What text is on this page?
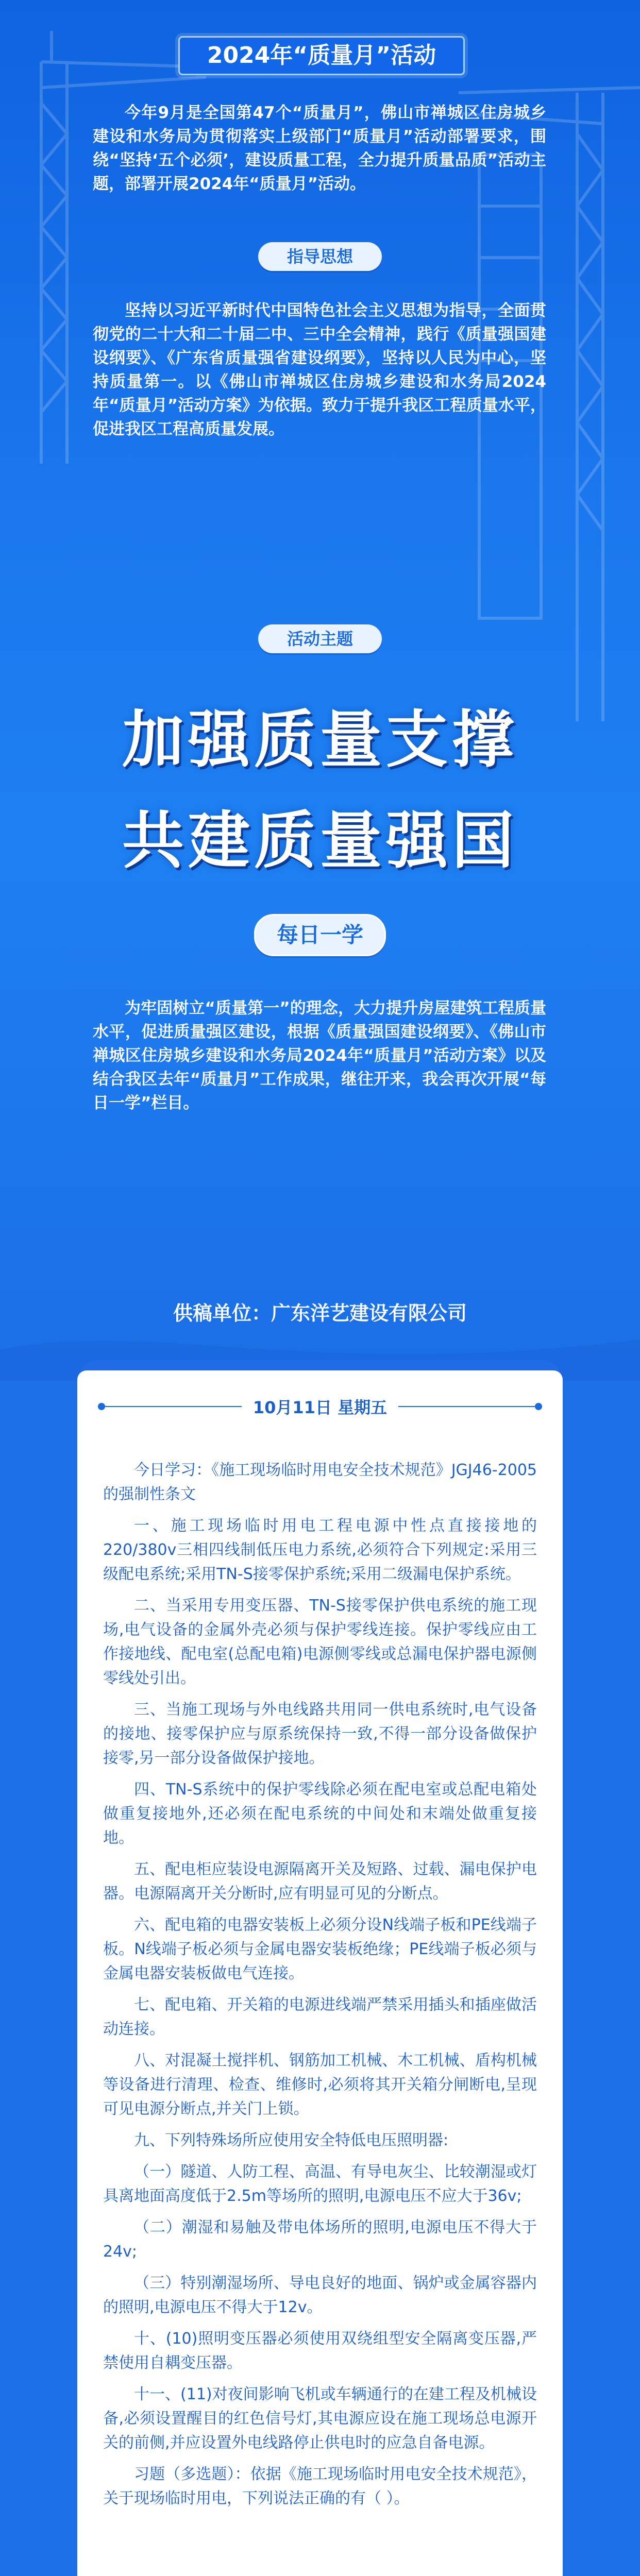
2024年“质量月”活动
今年9月是全国第47个“质量月”，佛山市禅城区住房城乡建设和水务局为贯彻落实上级部门“质量月”活动部署要求，围绕“坚持‘五个必须’，建设质量工程，全力提升质量品质”活动主题，部署开展2024年“质量月”活动。
指导思想
坚持以习近平新时代中国特色社会主义思想为指导，全面贯彻党的二十大和二十届二中、三中全会精神，践行《质量强国建设纲要》、《广东省质量强省建设纲要》，坚持以人民为中心，坚持质量第一。以《佛山市禅城区住房城乡建设和水务局2024年“质量月”活动方案》为依据。致力于提升我区工程质量水平，促进我区工程高质量发展。
活动主题
加强质量支撑
共建质量强国
每日一学
为牢固树立“质量第一”的理念，大力提升房屋建筑工程质量水平，促进质量强区建设，根据《质量强国建设纲要》、《佛山市禅城区住房城乡建设和水务局2024年“质量月”活动方案》以及结合我区去年“质量月”工作成果，继往开来，我会再次开展“每日一学”栏目。
供稿单位：广东洋艺建设有限公司
10月11日 星期五

今日学习：《施工现场临时用电安全技术规范》JGJ46-2005的强制性条文

一、施工现场临时用电工程电源中性点直接接地的220/380v三相四线制低压电力系统,必须符合下列规定:采用三级配电系统;采用TN-S接零保护系统;采用二级漏电保护系统。

二、当采用专用变压器、TN-S接零保护供电系统的施工现场,电气设备的金属外壳必须与保护零线连接。保护零线应由工作接地线、配电室(总配电箱)电源侧零线或总漏电保护器电源侧零线处引出。

三、当施工现场与外电线路共用同一供电系统时,电气设备的接地、接零保护应与原系统保持一致,不得一部分设备做保护接零,另一部分设备做保护接地。

四、TN-S系统中的保护零线除必须在配电室或总配电箱处做重复接地外,还必须在配电系统的中间处和末端处做重复接地。

五、配电柜应装设电源隔离开关及短路、过载、漏电保护电器。电源隔离开关分断时,应有明显可见的分断点。

六、配电箱的电器安装板上必须分设N线端子板和PE线端子板。N线端子板必须与金属电器安装板绝缘；PE线端子板必须与金属电器安装板做电气连接。

七、配电箱、开关箱的电源进线端严禁采用插头和插座做活动连接。

八、对混凝土搅拌机、钢筋加工机械、木工机械、盾构机械等设备进行清理、检查、维修时,必须将其开关箱分闸断电,呈现可见电源分断点,并关门上锁。

九、下列特殊场所应使用安全特低电压照明器:

（一）隧道、人防工程、高温、有导电灰尘、比较潮湿或灯具离地面高度低于2.5m等场所的照明,电源电压不应大于36v;

（二）潮湿和易触及带电体场所的照明,电源电压不得大于24v;

（三）特别潮湿场所、导电良好的地面、锅炉或金属容器内的照明,电源电压不得大于12v。

十、(10)照明变压器必须使用双绕组型安全隔离变压器,严禁使用自耦变压器。

十一、(11)对夜间影响飞机或车辆通行的在建工程及机械设备,必须设置醒目的红色信号灯,其电源应设在施工现场总电源开关的前侧,并应设置外电线路停止供电时的应急自备电源。

习题（多选题）：依据《施工现场临时用电安全技术规范》，关于现场临时用电，下列说法正确的有（ ）。
